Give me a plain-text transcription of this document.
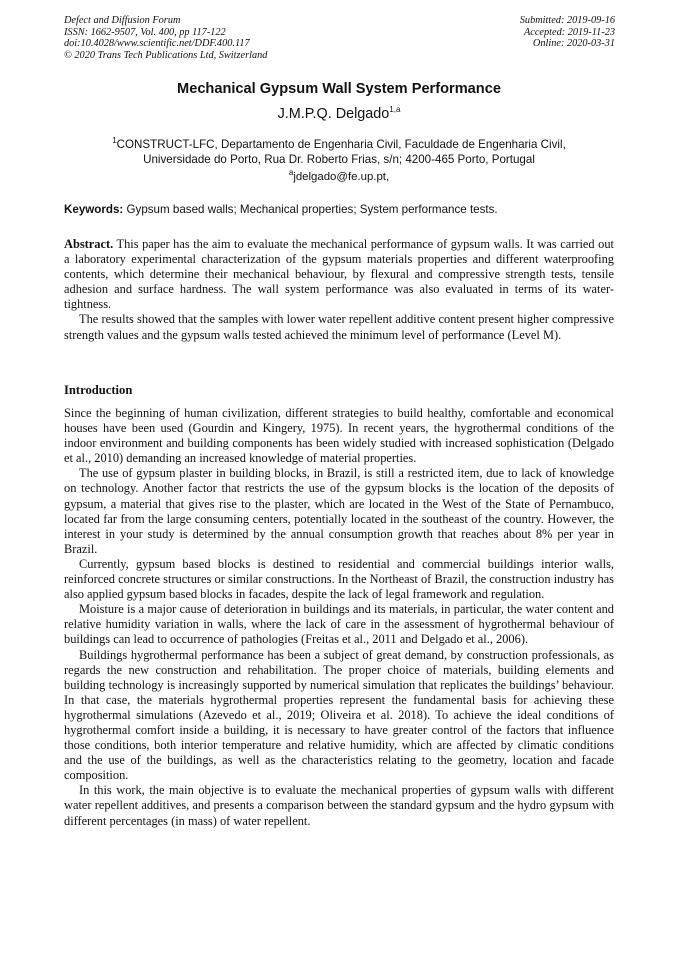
Defect and Diffusion Forum
ISSN: 1662-9507, Vol. 400, pp 117-122
doi:10.4028/www.scientific.net/DDF.400.117
© 2020 Trans Tech Publications Ltd, Switzerland
Submitted: 2019-09-16
Accepted: 2019-11-23
Online: 2020-03-31
Mechanical Gypsum Wall System Performance
J.M.P.Q. Delgado$^{1,a}$
$^1$CONSTRUCT-LFC, Departamento de Engenharia Civil, Faculdade de Engenharia Civil,
Universidade do Porto, Rua Dr. Roberto Frias, s/n; 4200-465 Porto, Portugal
$^a$jdelgado@fe.up.pt,
Keywords: Gypsum based walls; Mechanical properties; System performance tests.

Abstract. This paper has the aim to evaluate the mechanical performance of gypsum walls. It was carried out a laboratory experimental characterization of the gypsum materials properties and different waterproofing contents, which determine their mechanical behaviour, by flexural and compressive strength tests, tensile adhesion and surface hardness. The wall system performance was also evaluated in terms of its water-tightness.

The results showed that the samples with lower water repellent additive content present higher compressive strength values and the gypsum walls tested achieved the minimum level of performance (Level M).

Introduction

Since the beginning of human civilization, different strategies to build healthy, comfortable and economical houses have been used (Gourdin and Kingery, 1975). In recent years, the hygrothermal conditions of the indoor environment and building components has been widely studied with increased sophistication (Delgado et al., 2010) demanding an increased knowledge of material properties.

The use of gypsum plaster in building blocks, in Brazil, is still a restricted item, due to lack of knowledge on technology. Another factor that restricts the use of the gypsum blocks is the location of the deposits of gypsum, a material that gives rise to the plaster, which are located in the West of the State of Pernambuco, located far from the large consuming centers, potentially located in the southeast of the country. However, the interest in your study is determined by the annual consumption growth that reaches about 8% per year in Brazil.

Currently, gypsum based blocks is destined to residential and commercial buildings interior walls, reinforced concrete structures or similar constructions. In the Northeast of Brazil, the construction industry has also applied gypsum based blocks in facades, despite the lack of legal framework and regulation.

Moisture is a major cause of deterioration in buildings and its materials, in particular, the water content and relative humidity variation in walls, where the lack of care in the assessment of hygrothermal behaviour of buildings can lead to occurrence of pathologies (Freitas et al., 2011 and Delgado et al., 2006).

Buildings hygrothermal performance has been a subject of great demand, by construction professionals, as regards the new construction and rehabilitation. The proper choice of materials, building elements and building technology is increasingly supported by numerical simulation that replicates the buildings’ behaviour. In that case, the materials hygrothermal properties represent the fundamental basis for achieving these hygrothermal simulations (Azevedo et al., 2019; Oliveira et al. 2018). To achieve the ideal conditions of hygrothermal comfort inside a building, it is necessary to have greater control of the factors that influence those conditions, both interior temperature and relative humidity, which are affected by climatic conditions and the use of the buildings, as well as the characteristics relating to the geometry, location and facade composition.

In this work, the main objective is to evaluate the mechanical properties of gypsum walls with different water repellent additives, and presents a comparison between the standard gypsum and the hydro gypsum with different percentages (in mass) of water repellent.
